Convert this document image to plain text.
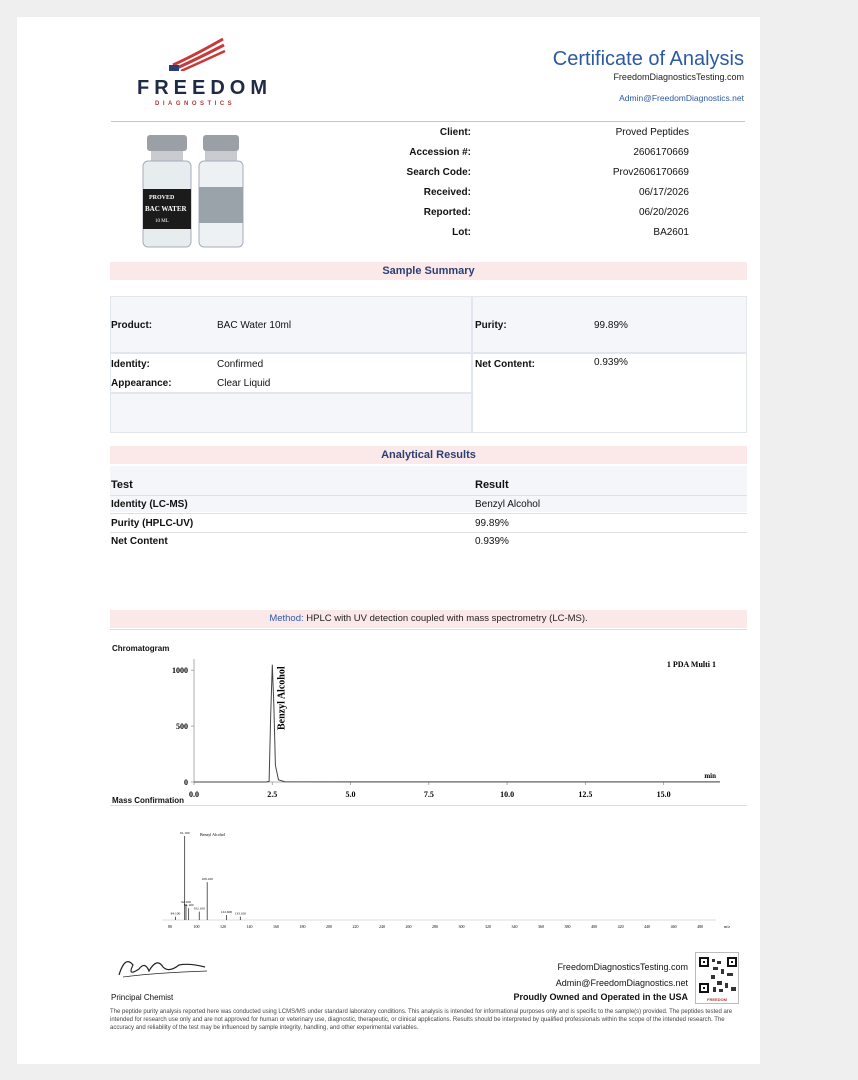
FREEDOM
DIAGNOSTICS
Certificate of Analysis
FreedomDiagnosticsTesting.com
Admin@FreedomDiagnostics.net
PROVED
BAC WATER
10 ML
Client:	Proved Peptides
Accession #:	2606170669
Search Code:	Prov2606170669
Received:	06/17/2026
Reported:	06/20/2026
Lot:	BA2601
Sample Summary
Product:	BAC Water 10ml	Purity:	99.89%
Identity:	Confirmed	Net Content:	0.939%
Appearance:	Clear Liquid
Analytical Results
Test	Result
Identity (LC-MS)	Benzyl Alcohol
Purity (HPLC-UV)	99.89%
Net Content	0.939%
Method: HPLC with UV detection coupled with mass spectrometry (LC-MS).
Chromatogram
0.0	2.5	5.0	7.5	10.0	12.5	15.0
1000
500
0
Benzyl Alcohol
1 PDA Multi 1
min
Mass Confirmation
91.100
108.100
92.100
94.100
102.100
122.600 133.100
84.100
80	100	120	140	160	180	200	220	240	260	280	300	320	340	360	380	400	420	440	460	480	m/z
Benzyl Alcohol
Principal Chemist
FreedomDiagnosticsTesting.com
Admin@FreedomDiagnostics.net
Proudly Owned and Operated in the USA	FREEDOM
The peptide purity analysis reported here was conducted using LCMS/MS under standard laboratory conditions. This analysis is intended for informational purposes only and is specific to the sample(s) provided. The peptides tested are intended for research use only and are not approved for human or veterinary use, diagnostic, therapeutic, or clinical applications. Results should be interpreted by qualified professionals within the scope of the intended research. The accuracy and reliability of the test may be influenced by sample integrity, handling, and other experimental variables.
